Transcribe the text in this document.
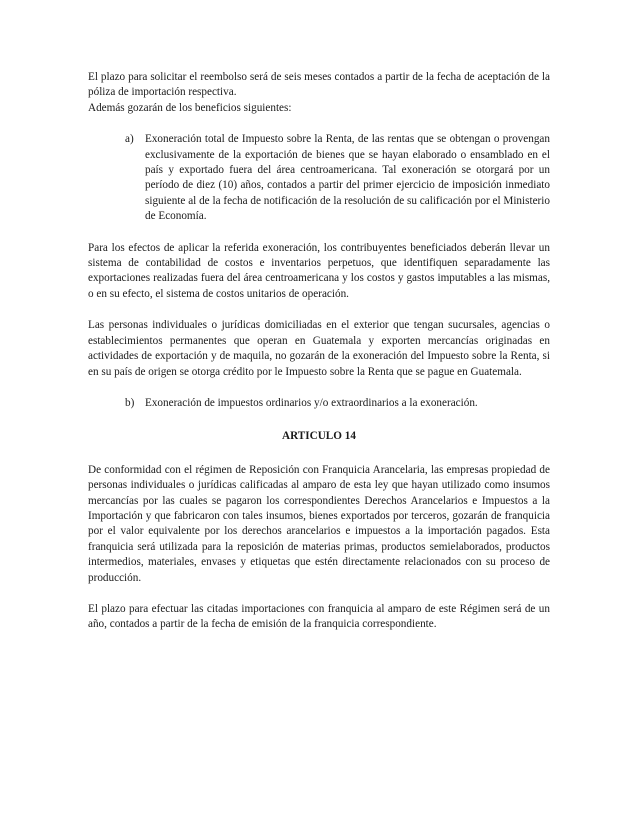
El plazo para solicitar el reembolso será de seis meses contados a partir de la fecha de aceptación de la póliza de importación respectiva.

Además gozarán de los beneficios siguientes:

a)	Exoneración total de Impuesto sobre la Renta, de las rentas que se obtengan o provengan exclusivamente de la exportación de bienes que se hayan elaborado o ensamblado en el país y exportado fuera del área centroamericana. Tal exoneración se otorgará por un período de diez (10) años, contados a partir del primer ejercicio de imposición inmediato siguiente al de la fecha de notificación de la resolución de su calificación por el Ministerio de Economía.

Para los efectos de aplicar la referida exoneración, los contribuyentes beneficiados deberán llevar un sistema de contabilidad de costos e inventarios perpetuos, que identifiquen separadamente las exportaciones realizadas fuera del área centroamericana y los costos y gastos imputables a las mismas, o en su efecto, el sistema de costos unitarios de operación.

Las personas individuales o jurídicas domiciliadas en el exterior que tengan sucursales, agencias o establecimientos permanentes que operan en Guatemala y exporten mercancías originadas en actividades de exportación y de maquila, no gozarán de la exoneración del Impuesto sobre la Renta, si en su país de origen se otorga crédito por le Impuesto sobre la Renta que se pague en Guatemala.

b) Exoneración de impuestos ordinarios y/o extraordinarios a la exoneración.

ARTICULO 14

De conformidad con el régimen de Reposición con Franquicia Arancelaria, las empresas propiedad de personas individuales o jurídicas calificadas al amparo de esta ley que hayan utilizado como insumos mercancías por las cuales se pagaron los correspondientes Derechos Arancelarios e Impuestos a la Importación y que fabricaron con tales insumos, bienes exportados por terceros, gozarán de franquicia por el valor equivalente por los derechos arancelarios e impuestos a la importación pagados. Esta franquicia será utilizada para la reposición de materias primas, productos semielaborados, productos intermedios, materiales, envases y etiquetas que estén directamente relacionados con su proceso de producción.

El plazo para efectuar las citadas importaciones con franquicia al amparo de este Régimen será de un año, contados a partir de la fecha de emisión de la franquicia correspondiente.
